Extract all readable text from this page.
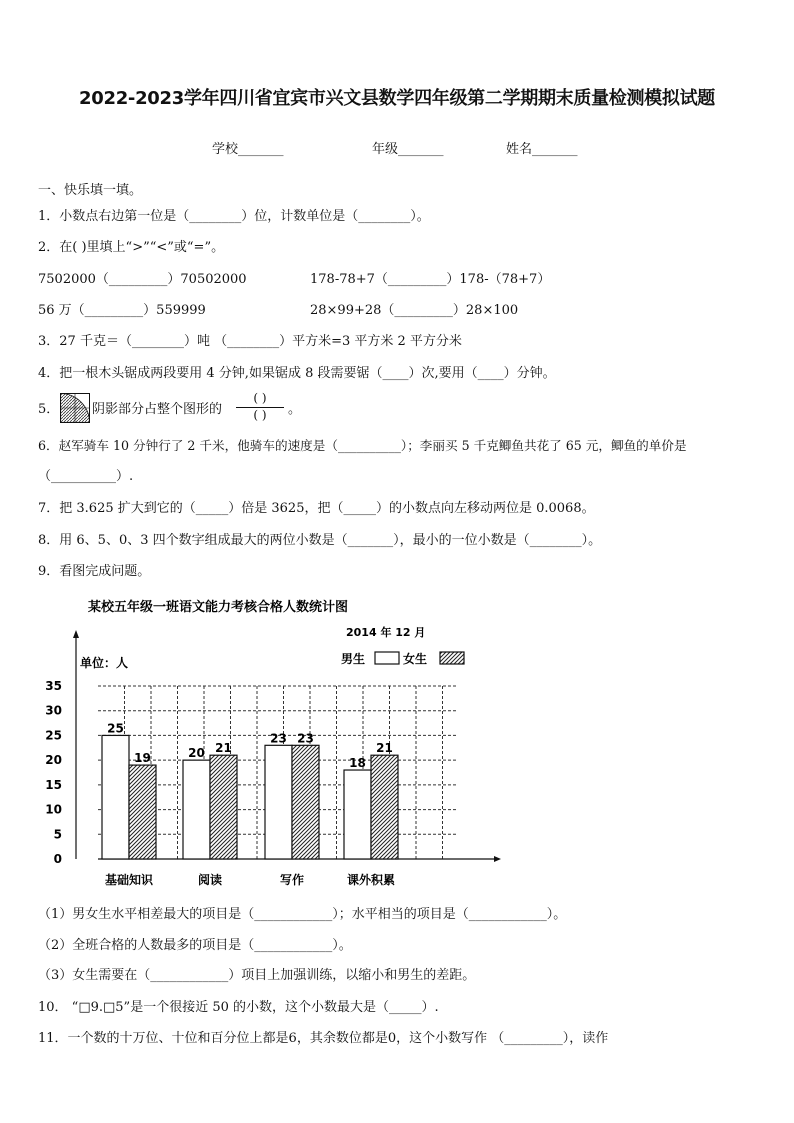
2022-2023学年四川省宜宾市兴文县数学四年级第二学期期末质量检测模拟试题
学校_______	年级_______	姓名_______
一、快乐填一填。
1．小数点右边第一位是（________）位，计数单位是（________）。
2．在( )里填上“>”“<”或“=”。
7502000（_________）70502000	178-78+7（_________）178-（78+7）
56 万（_________）559999	28×99+28（_________）28×100
3．27 千克＝（________）吨 （________）平方米=3 平方米 2 平方分米
4．把一根木头锯成两段要用 4 分钟,如果锯成 8 段需要锯（____）次,要用（____）分钟。
5．	阴影部分占整个图形的
( )
( )	。
6．赵军骑车 10 分钟行了 2 千米，他骑车的速度是（__________）；李丽买 5 千克鲫鱼共花了 65 元，鲫鱼的单价是
（__________）.
7．把 3.625 扩大到它的（_____）倍是 3625，把（_____）的小数点向左移动两位是 0.0068。
8．用 6、5、0、3 四个数字组成最大的两位小数是（_______），最小的一位小数是（________）。
9．看图完成问题。
某校五年级一班语文能力考核合格人数统计图
2014 年 12 月
单位：人	男生	女生
0
5
10
15
20
25
30
35
25
19	20 21
23 23
18
21
基础知识	阅读	写作	课外积累
（1）男女生水平相差最大的项目是（____________）；水平相当的项目是（____________）。
（2）全班合格的人数最多的项目是（____________）。
（3）女生需要在（____________）项目上加强训练，以缩小和男生的差距。
10． “□9.□5”是一个很接近 50 的小数，这个小数最大是（_____）.
11．一个数的十万位、十位和百分位上都是6，其余数位都是0，这个小数写作 （_________），读作
